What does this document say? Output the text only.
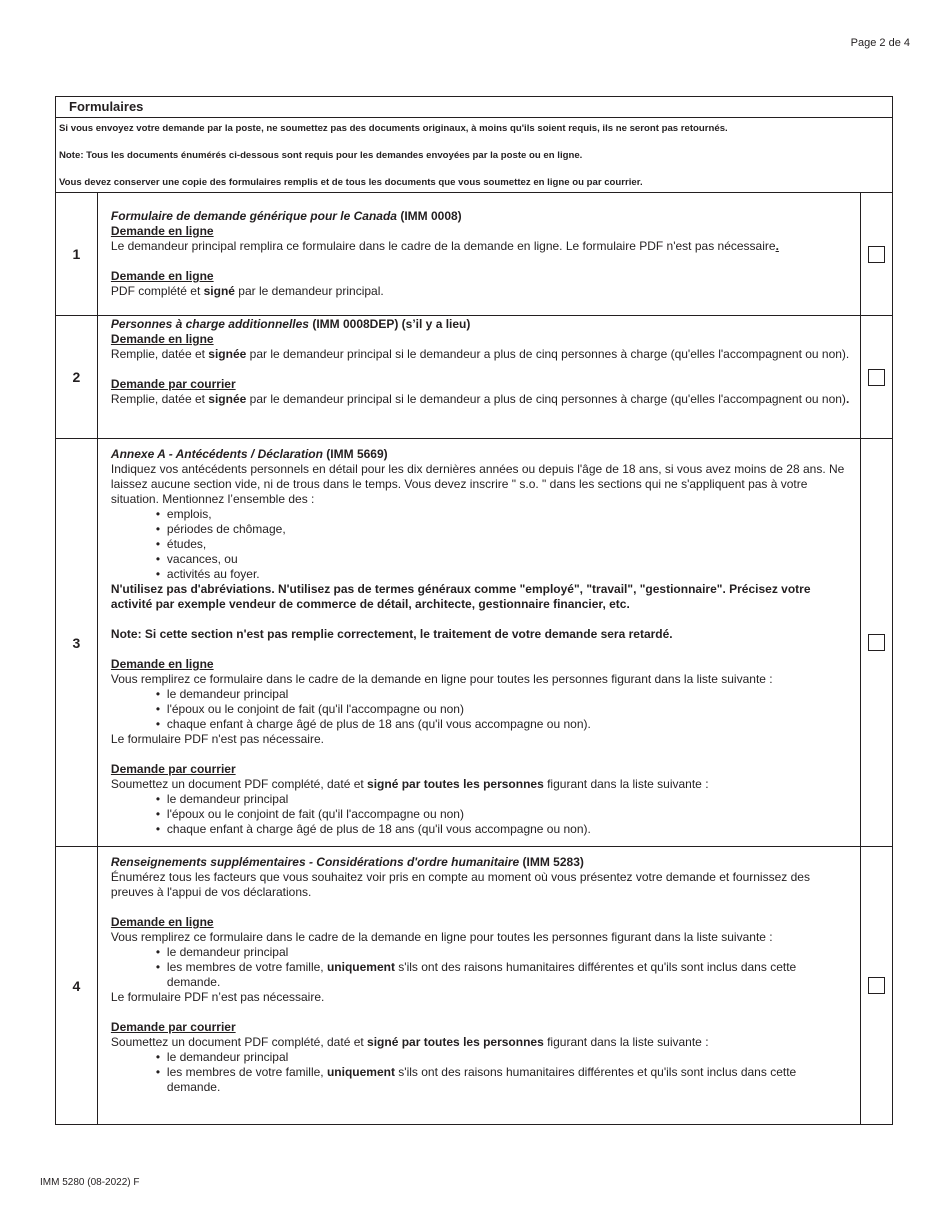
Page 2 de 4
Formulaires

Si vous envoyez votre demande par la poste, ne soumettez pas des documents originaux, à moins qu'ils soient requis, ils ne seront pas retournés.

Note: Tous les documents énumérés ci-dessous sont requis pour les demandes envoyées par la poste ou en ligne.

Vous devez conserver une copie des formulaires remplis et de tous les documents que vous soumettez en ligne ou par courrier.

1

Formulaire de demande générique pour le Canada (IMM 0008)

Demande en ligne

Le demandeur principal remplira ce formulaire dans le cadre de la demande en ligne. Le formulaire PDF n'est pas nécessaire.

Demande en ligne

PDF complété et signé par le demandeur principal.

2

Personnes à charge additionnelles (IMM 0008DEP) (s’il y a lieu)

Demande en ligne

Remplie, datée et signée par le demandeur principal si le demandeur a plus de cinq personnes à charge (qu'elles l'accompagnent ou non).

Demande par courrier

Remplie, datée et signée par le demandeur principal si le demandeur a plus de cinq personnes à charge (qu'elles l'accompagnent ou non).

3

Annexe A - Antécédents / Déclaration (IMM 5669)

Indiquez vos antécédents personnels en détail pour les dix dernières années ou depuis l'âge de 18 ans, si vous avez moins de 28 ans. Ne laissez aucune section vide, ni de trous dans le temps. Vous devez inscrire " s.o. " dans les sections qui ne s'appliquent pas à votre situation. Mentionnez l’ensemble des :

• emplois,
• périodes de chômage,
• études,
• vacances, ou
• activités au foyer.

N'utilisez pas d'abréviations. N'utilisez pas de termes généraux comme "employé", "travail", "gestionnaire". Précisez votre activité par exemple vendeur de commerce de détail, architecte, gestionnaire financier, etc.

Note: Si cette section n'est pas remplie correctement, le traitement de votre demande sera retardé.

Demande en ligne

Vous remplirez ce formulaire dans le cadre de la demande en ligne pour toutes les personnes figurant dans la liste suivante :

• le demandeur principal
• l'époux ou le conjoint de fait (qu'il l'accompagne ou non)
• chaque enfant à charge âgé de plus de 18 ans (qu'il vous accompagne ou non).

Le formulaire PDF n'est pas nécessaire.

Demande par courrier

Soumettez un document PDF complété, daté et signé par toutes les personnes figurant dans la liste suivante :

• le demandeur principal
• l'époux ou le conjoint de fait (qu'il l'accompagne ou non)
• chaque enfant à charge âgé de plus de 18 ans (qu'il vous accompagne ou non).
4

Renseignements supplémentaires - Considérations d'ordre humanitaire (IMM 5283)

Énumérez tous les facteurs que vous souhaitez voir pris en compte au moment où vous présentez votre demande et fournissez des preuves à l'appui de vos déclarations.

Demande en ligne

Vous remplirez ce formulaire dans le cadre de la demande en ligne pour toutes les personnes figurant dans la liste suivante :

• le demandeur principal
• les membres de votre famille, uniquement s'ils ont des raisons humanitaires différentes et qu'ils sont inclus dans cette demande.

Le formulaire PDF n’est pas nécessaire.

Demande par courrier

Soumettez un document PDF complété, daté et signé par toutes les personnes figurant dans la liste suivante :

• le demandeur principal
• les membres de votre famille, uniquement s'ils ont des raisons humanitaires différentes et qu'ils sont inclus dans cette demande.
IMM 5280 (08-2022) F
